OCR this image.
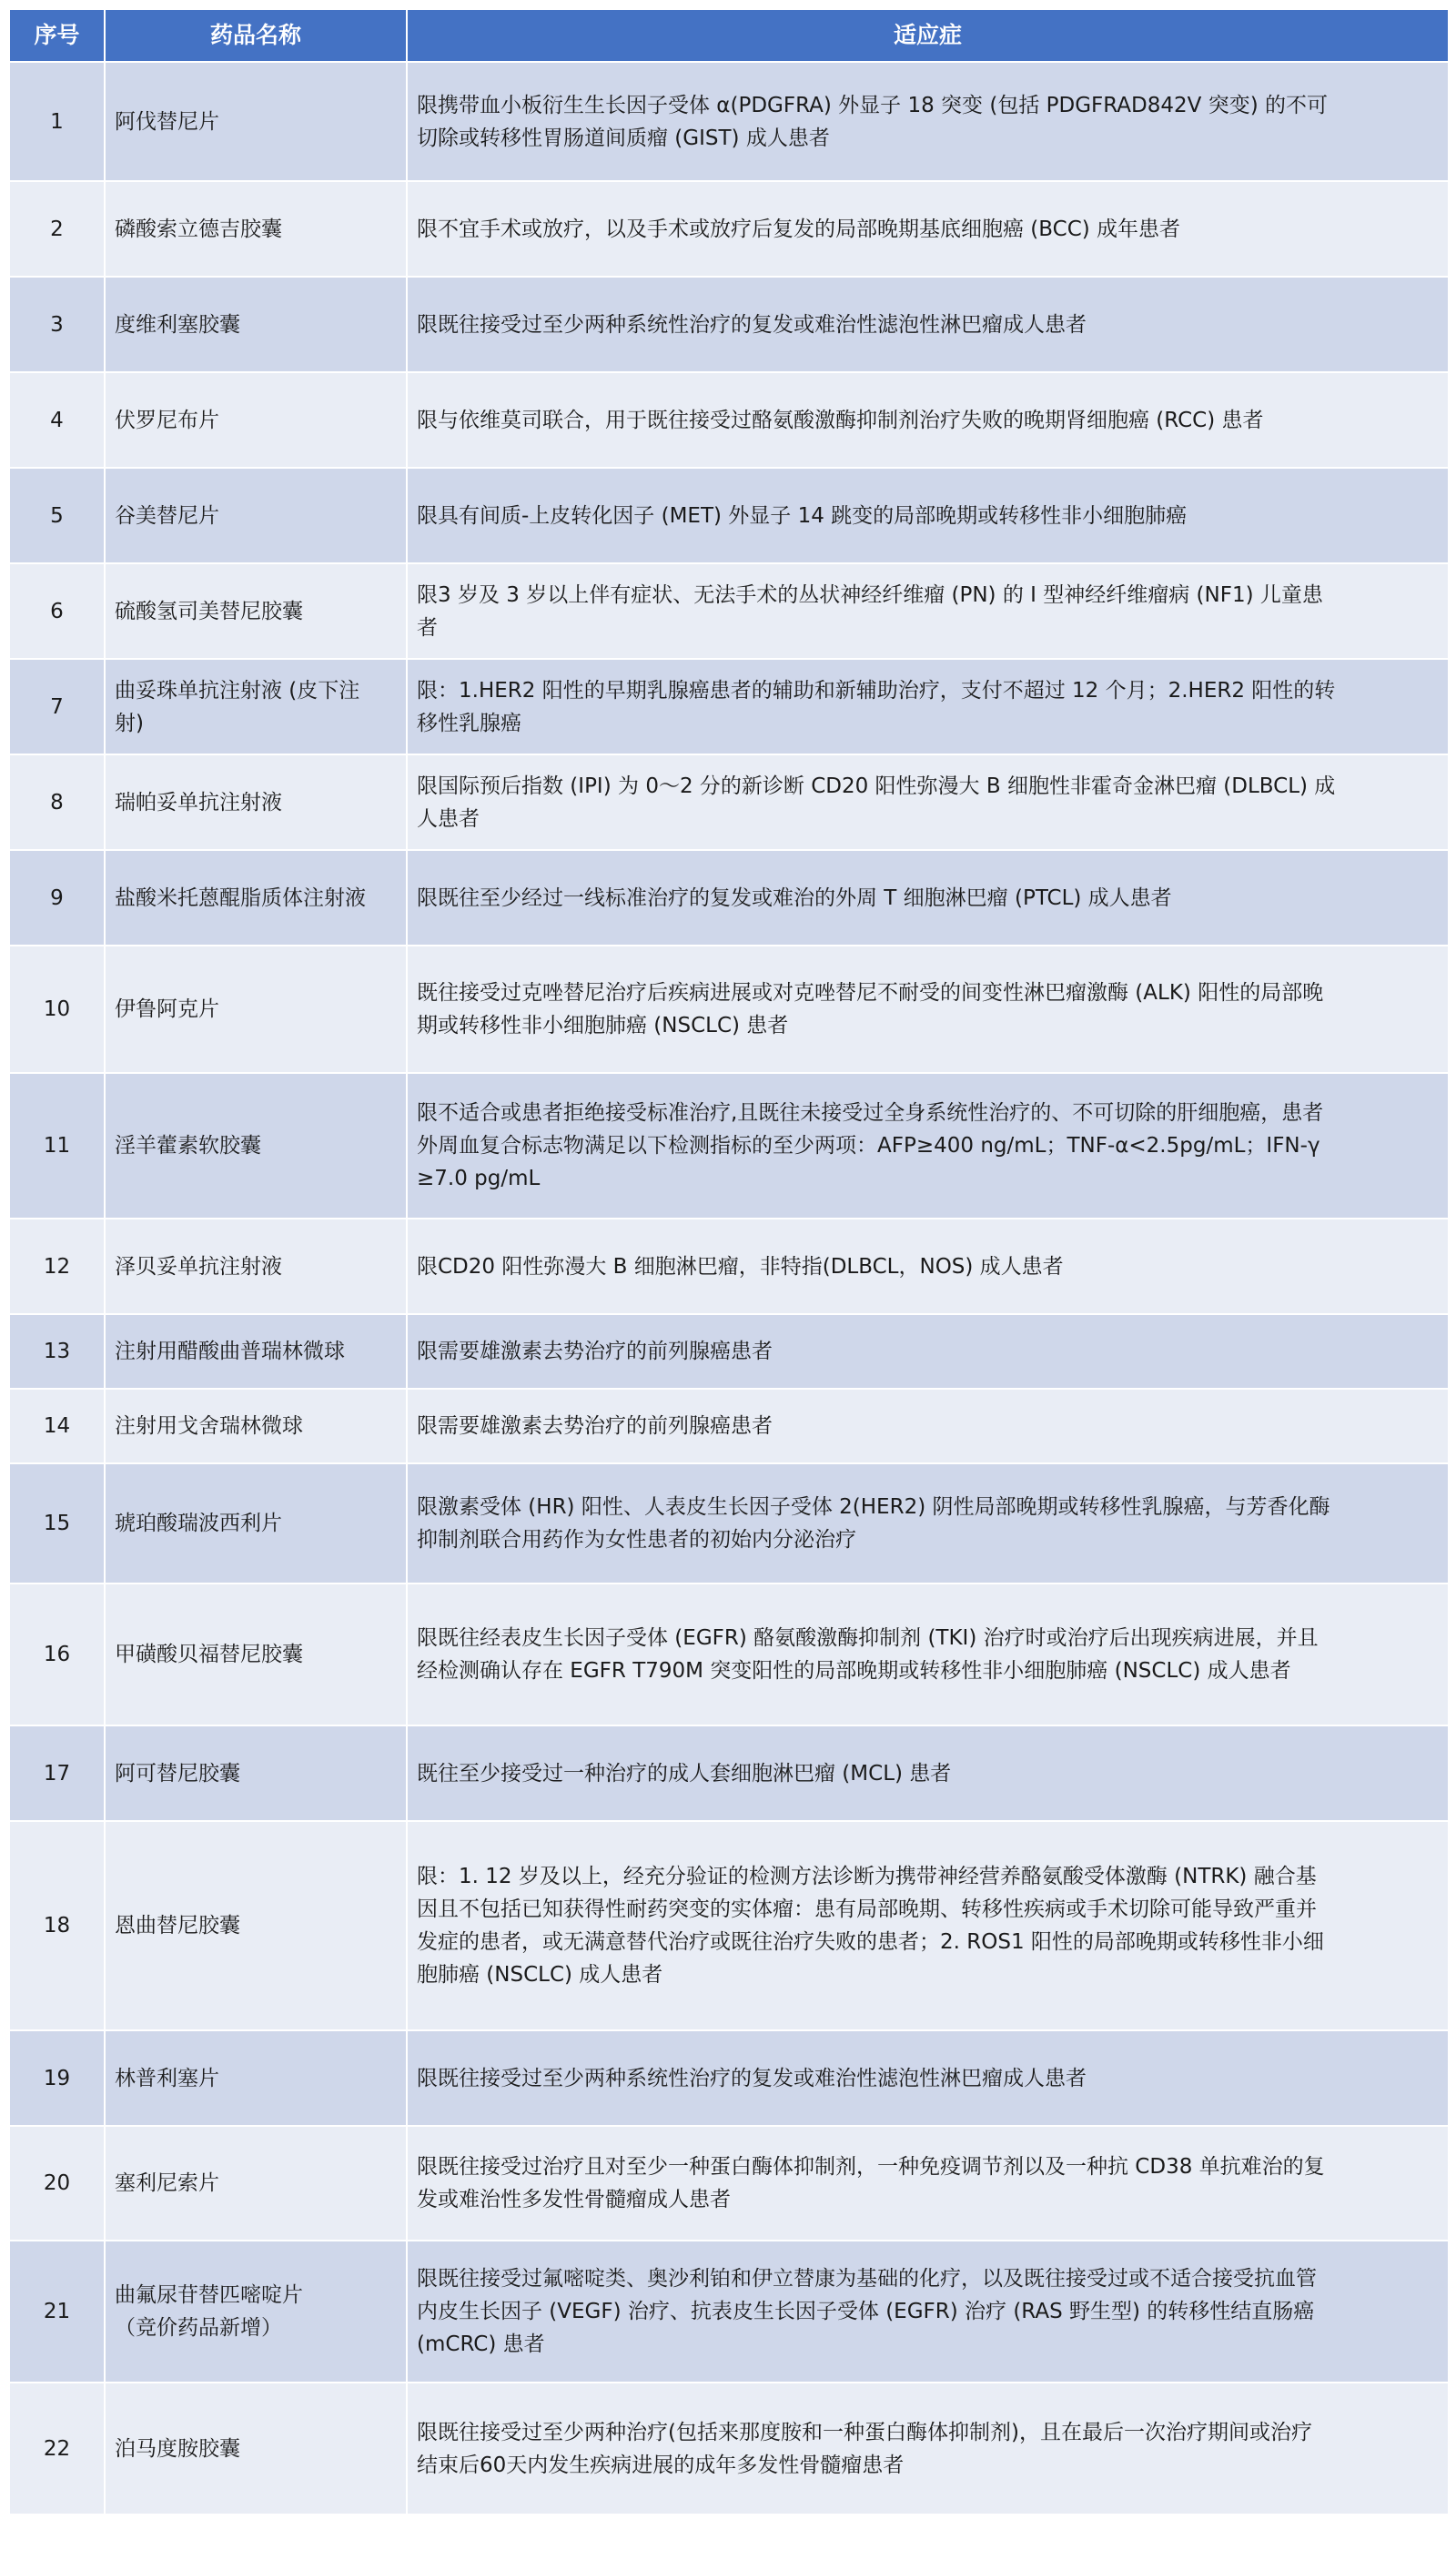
序号	药品名称	适应症
1	阿伐替尼片	限携带血小板衍生生长因子受体 α(PDGFRA) 外显子 18 突变 (包括 PDGFRAD842V 突变) 的不可
切除或转移性胃肠道间质瘤 (GIST) 成人患者

2	磷酸索立德吉胶囊	限不宜手术或放疗，以及手术或放疗后复发的局部晚期基底细胞癌 (BCC) 成年患者

3	度维利塞胶囊	限既往接受过至少两种系统性治疗的复发或难治性滤泡性淋巴瘤成人患者

4	伏罗尼布片	限与依维莫司联合，用于既往接受过酪氨酸激酶抑制剂治疗失败的晚期肾细胞癌 (RCC) 患者

5	谷美替尼片	限具有间质-上皮转化因子 (MET) 外显子 14 跳变的局部晚期或转移性非小细胞肺癌

6	硫酸氢司美替尼胶囊	限3 岁及 3 岁以上伴有症状、无法手术的丛状神经纤维瘤 (PN) 的 I 型神经纤维瘤病 (NF1) 儿童患
者

7	曲妥珠单抗注射液 (皮下注
射)	限：1.HER2 阳性的早期乳腺癌患者的辅助和新辅助治疗，支付不超过 12 个月；2.HER2 阳性的转
移性乳腺癌

8	瑞帕妥单抗注射液	限国际预后指数 (IPI) 为 0～2 分的新诊断 CD20 阳性弥漫大 B 细胞性非霍奇金淋巴瘤 (DLBCL) 成
人患者

9	盐酸米托蒽醌脂质体注射液	限既往至少经过一线标准治疗的复发或难治的外周 T 细胞淋巴瘤 (PTCL) 成人患者

10	伊鲁阿克片	既往接受过克唑替尼治疗后疾病进展或对克唑替尼不耐受的间变性淋巴瘤激酶 (ALK) 阳性的局部晚
期或转移性非小细胞肺癌 (NSCLC) 患者

11	淫羊藿素软胶囊	限不适合或患者拒绝接受标准治疗,且既往未接受过全身系统性治疗的、不可切除的肝细胞癌，患者
外周血复合标志物满足以下检测指标的至少两项：AFP≥400 ng/mL；TNF-α<2.5pg/mL；IFN-γ
≥7.0 pg/mL

12	泽贝妥单抗注射液	限CD20 阳性弥漫大 B 细胞淋巴瘤，非特指(DLBCL，NOS) 成人患者

13	注射用醋酸曲普瑞林微球	限需要雄激素去势治疗的前列腺癌患者

14	注射用戈舍瑞林微球	限需要雄激素去势治疗的前列腺癌患者

15	琥珀酸瑞波西利片	限激素受体 (HR) 阳性、人表皮生长因子受体 2(HER2) 阴性局部晚期或转移性乳腺癌，与芳香化酶
抑制剂联合用药作为女性患者的初始内分泌治疗

16	甲磺酸贝福替尼胶囊	限既往经表皮生长因子受体 (EGFR) 酪氨酸激酶抑制剂 (TKI) 治疗时或治疗后出现疾病进展，并且
经检测确认存在 EGFR T790M 突变阳性的局部晚期或转移性非小细胞肺癌 (NSCLC) 成人患者

17	阿可替尼胶囊	既往至少接受过一种治疗的成人套细胞淋巴瘤 (MCL) 患者

18	恩曲替尼胶囊	限：1. 12 岁及以上，经充分验证的检测方法诊断为携带神经营养酪氨酸受体激酶 (NTRK) 融合基
因且不包括已知获得性耐药突变的实体瘤：患有局部晚期、转移性疾病或手术切除可能导致严重并
发症的患者，或无满意替代治疗或既往治疗失败的患者；2. ROS1 阳性的局部晚期或转移性非小细
胞肺癌 (NSCLC) 成人患者

19	林普利塞片	限既往接受过至少两种系统性治疗的复发或难治性滤泡性淋巴瘤成人患者

20	塞利尼索片	限既往接受过治疗且对至少一种蛋白酶体抑制剂，一种免疫调节剂以及一种抗 CD38 单抗难治的复
发或难治性多发性骨髓瘤成人患者

21	曲氟尿苷替匹嘧啶片
（竞价药品新增）	限既往接受过氟嘧啶类、奥沙利铂和伊立替康为基础的化疗，以及既往接受过或不适合接受抗血管
内皮生长因子 (VEGF) 治疗、抗表皮生长因子受体 (EGFR) 治疗 (RAS 野生型) 的转移性结直肠癌
(mCRC) 患者

22	泊马度胺胶囊	限既往接受过至少两种治疗(包括来那度胺和一种蛋白酶体抑制剂)，且在最后一次治疗期间或治疗
结束后60天内发生疾病进展的成年多发性骨髓瘤患者
